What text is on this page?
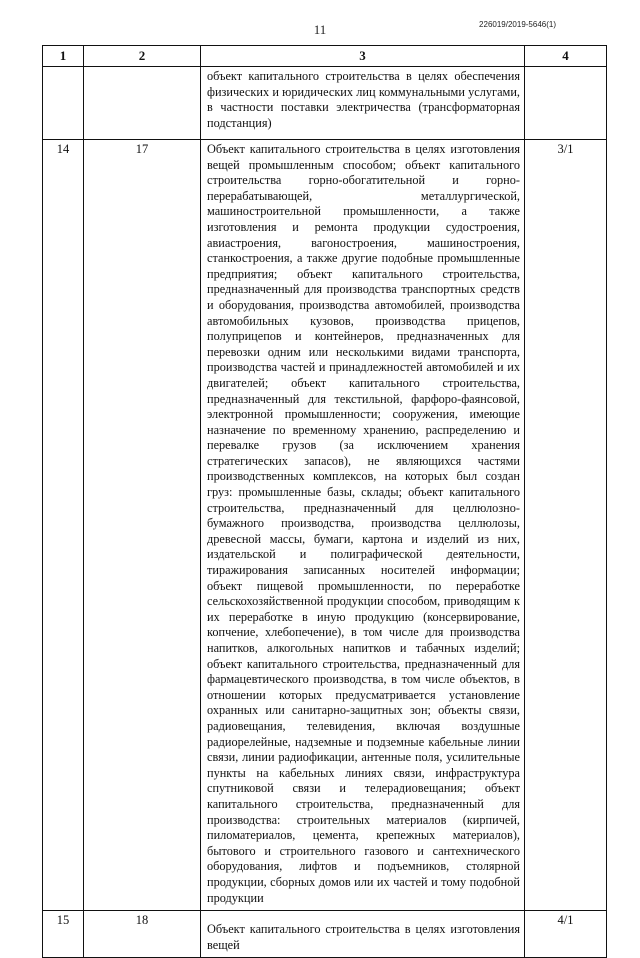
11	226019/2019-5646(1)
1	2	3	4
		объект капитального строительства в целях обеспечения физических и юридических лиц коммунальными услугами, в частности поставки электричества (трансформаторная подстанция)	
14	17	Объект капитального строительства в целях изготовления вещей промышленным способом; объект капитального строительства горно-обогатительной и горно-перерабатывающей, металлургической, машиностроительной промышленности, а также изготовления и ремонта продукции судостроения, авиастроения, вагоностроения, машиностроения, станкостроения, а также другие подобные промышленные предприятия; объект капитального строительства, предназначенный для производства транспортных средств и оборудования, производства автомобилей, производства автомобильных кузовов, производства прицепов, полуприцепов и контейнеров, предназначенных для перевозки одним или несколькими видами транспорта, производства частей и принадлежностей автомобилей и их двигателей; объект капитального строительства, предназначенный для текстильной, фарфоро-фаянсовой, электронной промышленности; сооружения, имеющие назначение по временному хранению, распределению и перевалке грузов (за исключением хранения стратегических запасов), не являющихся частями производственных комплексов, на которых был создан груз: промышленные базы, склады; объект капитального строительства, предназначенный для целлюлозно-бумажного производства, производства целлюлозы, древесной массы, бумаги, картона и изделий из них, издательской и полиграфической деятельности, тиражирования записанных носителей информации; объект пищевой промышленности, по переработке сельскохозяйственной продукции способом, приводящим к их переработке в иную продукцию (консервирование, копчение, хлебопечение), в том числе для производства напитков, алкогольных напитков и табачных изделий; объект капитального строительства, предназначенный для фармацевтического производства, в том числе объектов, в отношении которых предусматривается установление охранных или санитарно-защитных зон; объекты связи, радиовещания, телевидения, включая воздушные радиорелейные, надземные и подземные кабельные линии связи, линии радиофикации, антенные поля, усилительные пункты на кабельных линиях связи, инфраструктура спутниковой связи и телерадиовещания; объект капитального строительства, предназначенный для производства: строительных материалов (кирпичей, пиломатериалов, цемента, крепежных материалов), бытового и строительного газового и сантехнического оборудования, лифтов и подъемников, столярной продукции, сборных домов или их частей и тому подобной продукции	3/1
15	18	Объект капитального строительства в целях изготовления вещей	4/1
